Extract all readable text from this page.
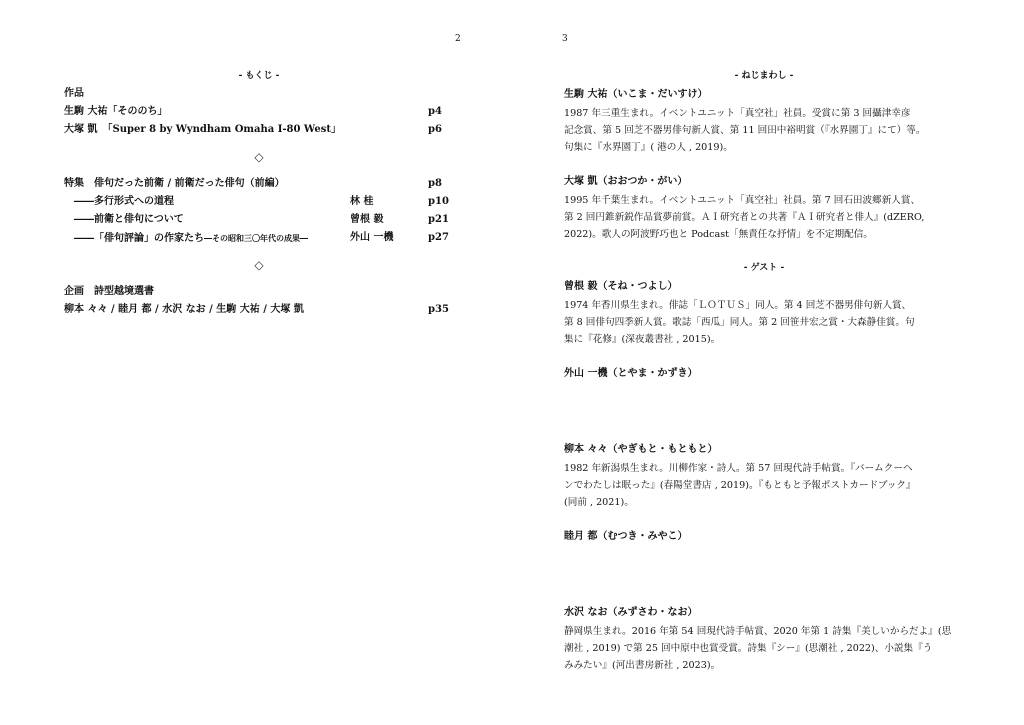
2
- もくじ -
作品
生駒 大祐「そののち」	p4
大塚 凱　「Super 8 by Wyndham Omaha I-80 West」	p6
◇
特集　俳句だった前衛 / 前衛だった俳句（前編）	p8
――多行形式への道程	林 桂	p10
――前衛と俳句について	曾根 毅	p21
――「俳句評論」の作家たち―その昭和三〇年代の成果―	外山 一機	p27
◇
企画　詩型越境選書
柳本 々々 / 睦月 都 / 水沢 なお / 生駒 大祐 / 大塚 凱	p35
3
- ねじまわし -
生駒 大祐（いこま・だいすけ）

1987 年三重生まれ。イベントユニット「真空社」社員。受賞に第 3 回攝津幸彦
記念賞、第 5 回芝不器男俳句新人賞、第 11 回田中裕明賞（『水界園丁』にて）等。
句集に『水界園丁』( 港の人 , 2019)。

大塚 凱（おおつか・がい）

1995 年千葉生まれ。イベントユニット「真空社」社員。第 7 回石田波郷新人賞、
第 2 回円錐新鋭作品賞夢前賞。ＡＩ研究者との共著『ＡＩ研究者と俳人』(dZERO,
2022)。歌人の阿波野巧也と Podcast「無責任な抒情」を不定期配信。

- ゲスト -
曾根 毅（そね・つよし）

1974 年香川県生まれ。俳誌「ＬＯＴＵＳ」同人。第 4 回芝不器男俳句新人賞、
第 8 回俳句四季新人賞。歌誌「西瓜」同人。第 2 回笹井宏之賞・大森静佳賞。句
集に『花修』(深夜叢書社 , 2015)。

外山 一機（とやま・かずき）
柳本 々々（やぎもと・もともと）

1982 年新潟県生まれ。川柳作家・詩人。第 57 回現代詩手帖賞。『バームクーヘ
ンでわたしは眠った』(春陽堂書店 , 2019)。『もともと予報ポストカードブック』
(同前 , 2021)。

睦月 都（むつき・みやこ）
水沢 なお（みずさわ・なお）

静岡県生まれ。2016 年第 54 回現代詩手帖賞、2020 年第 1 詩集『美しいからだよ』(思
潮社 , 2019) で第 25 回中原中也賞受賞。詩集『シー』(思潮社 , 2022)、小説集『う
みみたい』(河出書房新社 , 2023)。
